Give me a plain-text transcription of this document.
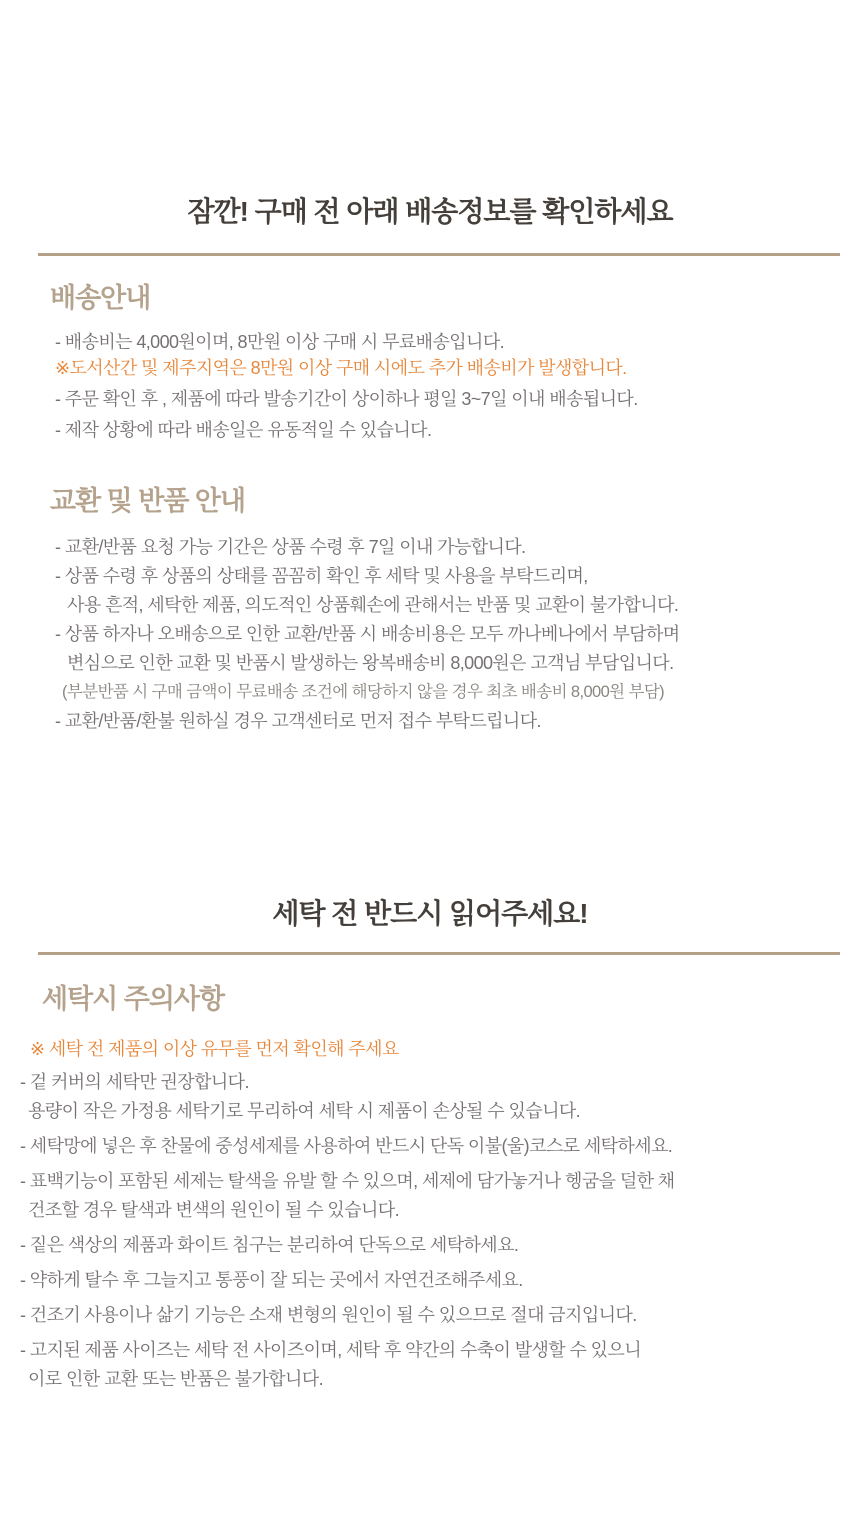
잠깐! 구매 전 아래 배송정보를 확인하세요
배송안내
- 배송비는 4,000원이며, 8만원 이상 구매 시 무료배송입니다.
※도서산간 및 제주지역은 8만원 이상 구매 시에도 추가 배송비가 발생합니다.
- 주문 확인 후 , 제품에 따라 발송기간이 상이하나 평일 3~7일 이내 배송됩니다.
- 제작 상황에 따라 배송일은 유동적일 수 있습니다.
교환 및 반품 안내
- 교환/반품 요청 가능 기간은 상품 수령 후 7일 이내 가능합니다.
- 상품 수령 후 상품의 상태를 꼼꼼히 확인 후 세탁 및 사용을 부탁드리며,
사용 흔적, 세탁한 제품, 의도적인 상품훼손에 관해서는 반품 및 교환이 불가합니다.
- 상품 하자나 오배송으로 인한 교환/반품 시 배송비용은 모두 까나베나에서 부담하며
변심으로 인한 교환 및 반품시 발생하는 왕복배송비 8,000원은 고객님 부담입니다.
(부분반품 시 구매 금액이 무료배송 조건에 해당하지 않을 경우 최초 배송비 8,000원 부담)
- 교환/반품/환불 원하실 경우 고객센터로 먼저 접수 부탁드립니다.
세탁 전 반드시 읽어주세요!
세탁시 주의사항
※ 세탁 전 제품의 이상 유무를 먼저 확인해 주세요
- 겉 커버의 세탁만 권장합니다.
용량이 작은 가정용 세탁기로 무리하여 세탁 시 제품이 손상될 수 있습니다.
- 세탁망에 넣은 후 찬물에 중성세제를 사용하여 반드시 단독 이불(울)코스로 세탁하세요.
- 표백기능이 포함된 세제는 탈색을 유발 할 수 있으며, 세제에 담가놓거나 헹굼을 덜한 채
건조할 경우 탈색과 변색의 원인이 될 수 있습니다.
- 짙은 색상의 제품과 화이트 침구는 분리하여 단독으로 세탁하세요.
- 약하게 탈수 후 그늘지고 통풍이 잘 되는 곳에서 자연건조해주세요.
- 건조기 사용이나 삶기 기능은 소재 변형의 원인이 될 수 있으므로 절대 금지입니다.
- 고지된 제품 사이즈는 세탁 전 사이즈이며, 세탁 후 약간의 수축이 발생할 수 있으니
이로 인한 교환 또는 반품은 불가합니다.
